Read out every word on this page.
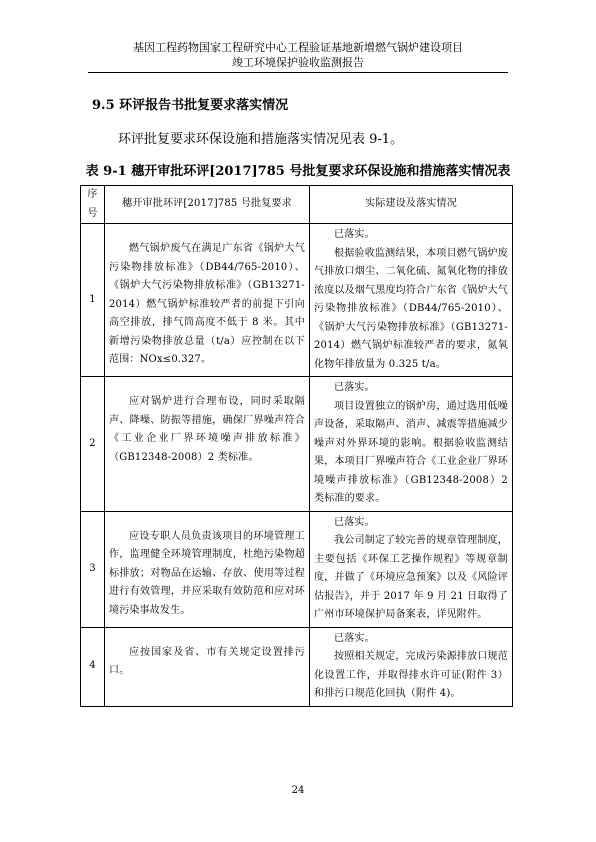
基因工程药物国家工程研究中心工程验证基地新增燃气锅炉建设项目
竣工环境保护验收监测报告
9.5 环评报告书批复要求落实情况
环评批复要求环保设施和措施落实情况见表 9-1。
表 9-1 穗开审批环评[2017]785 号批复要求环保设施和措施落实情况表
序号	穗开审批环评[2017]785 号批复要求	实际建设及落实情况
1	燃气锅炉废气在满足广东省《锅炉大气污染物排放标准》（DB44/765-2010）、《锅炉大气污染物排放标准》（GB13271-2014）燃气锅炉标准较严者的前提下引向高空排放，排气筒高度不低于 8 米。其中新增污染物排放总量（t/a）应控制在以下范围：NOx≤0.327。	已落实。
根据验收监测结果，本项目燃气锅炉废气排放口烟尘、二氧化硫、氮氧化物的排放浓度以及烟气黑度均符合广东省《锅炉大气污染物排放标准》（DB44/765-2010）、《锅炉大气污染物排放标准》（GB13271-2014）燃气锅炉标准较严者的要求，氮氧化物年排放量为 0.325 t/a。

2	应对锅炉进行合理布设，同时采取隔声、降噪、防振等措施，确保厂界噪声符合《工业企业厂界环境噪声排放标准》（GB12348-2008）2 类标准。	已落实。
项目设置独立的锅炉房，通过选用低噪声设备，采取隔声、消声、减震等措施减少噪声对外界环境的影响。根据验收监测结果，本项目厂界噪声符合《工业企业厂界环境噪声排放标准》（GB12348-2008）2 类标准的要求。

3	应设专职人员负责该项目的环境管理工作，监理健全环境管理制度，杜绝污染物超标排放；对物品在运输、存放、使用等过程进行有效管理，并应采取有效防范和应对环境污染事故发生。	已落实。
我公司制定了较完善的规章管理制度，主要包括《环保工艺操作规程》等规章制度，并做了《环境应急预案》以及《风险评估报告》，并于 2017 年 9 月 21 日取得了广州市环境保护局备案表，详见附件。

4	应按国家及省、市有关规定设置排污口。	已落实。
按照相关规定，完成污染源排放口规范化设置工作，并取得排水许可证(附件 3）和排污口规范化回执（附件 4)。
24
